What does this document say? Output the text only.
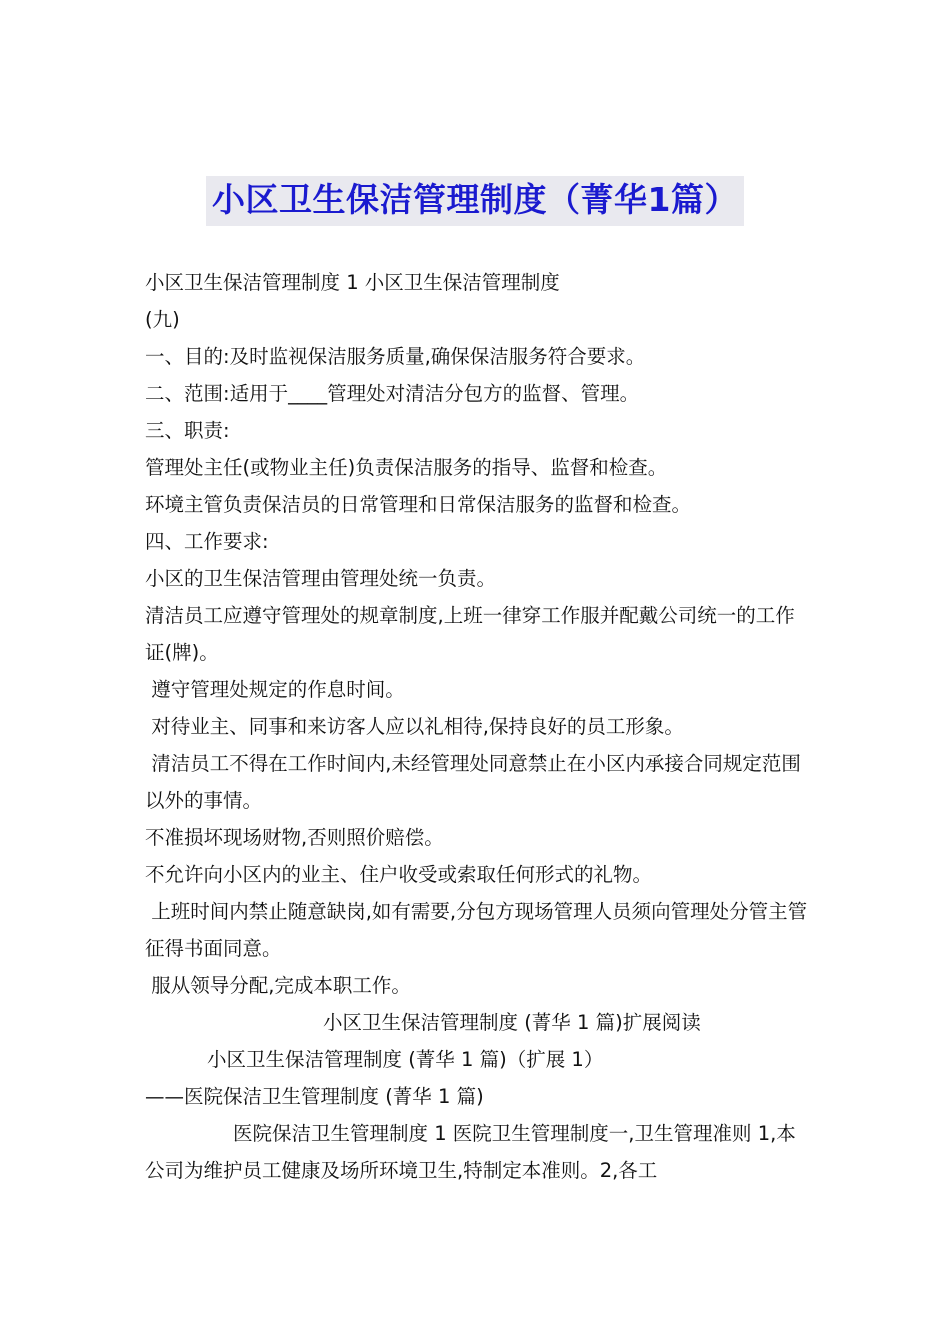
小区卫生保洁管理制度（菁华1篇）

小区卫生保洁管理制度 1 小区卫生保洁管理制度

(九)

一、目的:及时监视保洁服务质量,确保保洁服务符合要求。

二、范围:适用于____管理处对清洁分包方的监督、管理。

三、职责:

管理处主任(或物业主任)负责保洁服务的指导、监督和检查。

环境主管负责保洁员的日常管理和日常保洁服务的监督和检查。

四、工作要求:

小区的卫生保洁管理由管理处统一负责。

清洁员工应遵守管理处的规章制度,上班一律穿工作服并配戴公司统一的工作证(牌)。

遵守管理处规定的作息时间。

对待业主、同事和来访客人应以礼相待,保持良好的员工形象。

清洁员工不得在工作时间内,未经管理处同意禁止在小区内承接合同规定范围以外的事情。

不准损坏现场财物,否则照价赔偿。

不允许向小区内的业主、住户收受或索取任何形式的礼物。

上班时间内禁止随意缺岗,如有需要,分包方现场管理人员须向管理处分管主管征得书面同意。

服从领导分配,完成本职工作。

小区卫生保洁管理制度 (菁华 1 篇)扩展阅读

小区卫生保洁管理制度 (菁华 1 篇)（扩展 1）

——医院保洁卫生管理制度 (菁华 1 篇)

医院保洁卫生管理制度 1 医院卫生管理制度一,卫生管理准则 1,本公司为维护员工健康及场所环境卫生,特制定本准则。2,各工
